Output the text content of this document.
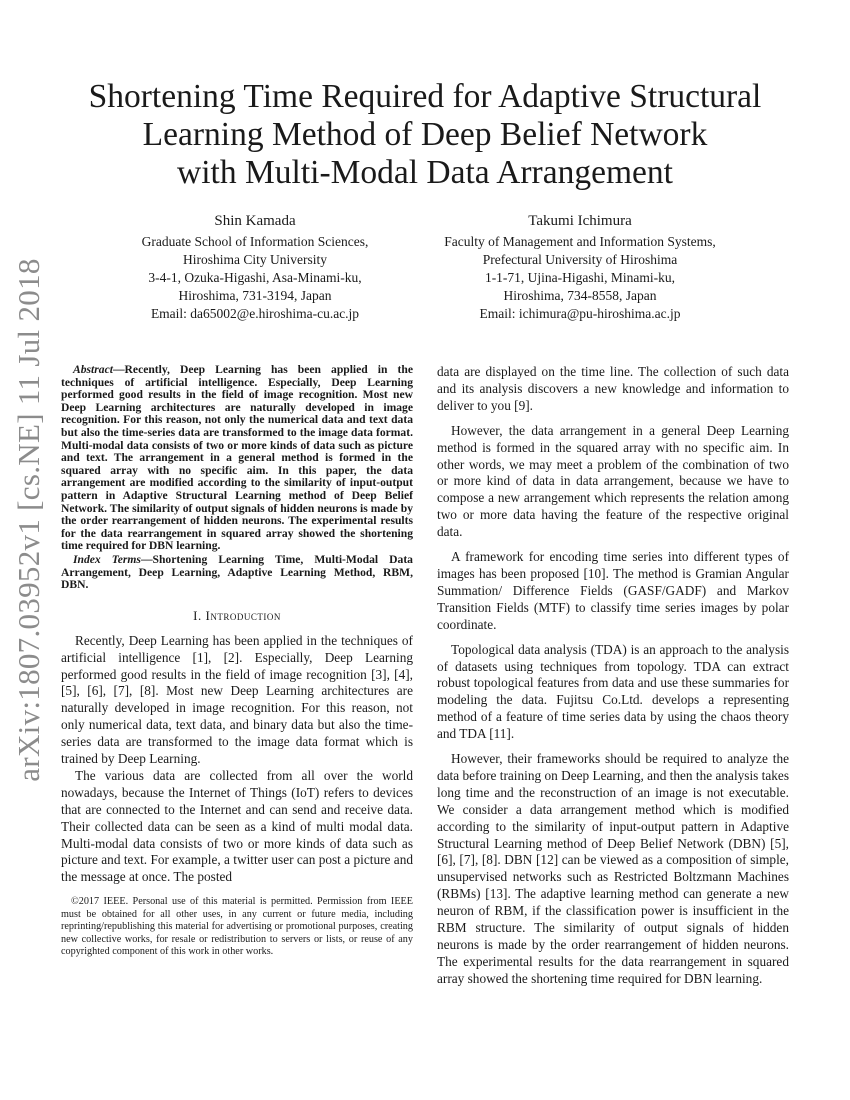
arXiv:1807.03952v1 [cs.NE] 11 Jul 2018
Shortening Time Required for Adaptive Structural
Learning Method of Deep Belief Network
with Multi-Modal Data Arrangement
Shin Kamada
Graduate School of Information Sciences,
Hiroshima City University
3-4-1, Ozuka-Higashi, Asa-Minami-ku,
Hiroshima, 731-3194, Japan
Email: da65002@e.hiroshima-cu.ac.jp
Takumi Ichimura
Faculty of Management and Information Systems,
Prefectural University of Hiroshima
1-1-71, Ujina-Higashi, Minami-ku,
Hiroshima, 734-8558, Japan
Email: ichimura@pu-hiroshima.ac.jp

Abstract—Recently, Deep Learning has been applied in the techniques of artificial intelligence. Especially, Deep Learning performed good results in the field of image recognition. Most new Deep Learning architectures are naturally developed in image recognition. For this reason, not only the numerical data and text data but also the time-series data are transformed to the image data format. Multi-modal data consists of two or more kinds of data such as picture and text. The arrangement in a general method is formed in the squared array with no specific aim. In this paper, the data arrangement are modified according to the similarity of input-output pattern in Adaptive Structural Learning method of Deep Belief Network. The similarity of output signals of hidden neurons is made by the order rearrangement of hidden neurons. The experimental results for the data rearrangement in squared array showed the shortening time required for DBN learning.

Index Terms—Shortening Learning Time, Multi-Modal Data Arrangement, Deep Learning, Adaptive Learning Method, RBM, DBN.

I. Introduction

Recently, Deep Learning has been applied in the techniques of artificial intelligence [1], [2]. Especially, Deep Learning performed good results in the field of image recognition [3], [4], [5], [6], [7], [8]. Most new Deep Learning architectures are naturally developed in image recognition. For this reason, not only numerical data, text data, and binary data but also the time-series data are transformed to the image data format which is trained by Deep Learning.

The various data are collected from all over the world nowadays, because the Internet of Things (IoT) refers to devices that are connected to the Internet and can send and receive data. Their collected data can be seen as a kind of multi modal data. Multi-modal data consists of two or more kinds of data such as picture and text. For example, a twitter user can post a picture and the message at once. The posted

©2017 IEEE. Personal use of this material is permitted. Permission from IEEE must be obtained for all other uses, in any current or future media, including reprinting/republishing this material for advertising or promotional purposes, creating new collective works, for resale or redistribution to servers or lists, or reuse of any copyrighted component of this work in other works.

data are displayed on the time line. The collection of such data and its analysis discovers a new knowledge and information to deliver to you [9].

However, the data arrangement in a general Deep Learning method is formed in the squared array with no specific aim. In other words, we may meet a problem of the combination of two or more kind of data in data arrangement, because we have to compose a new arrangement which represents the relation among two or more data having the feature of the respective original data.

A framework for encoding time series into different types of images has been proposed [10]. The method is Gramian Angular Summation/ Difference Fields (GASF/GADF) and Markov Transition Fields (MTF) to classify time series images by polar coordinate.

Topological data analysis (TDA) is an approach to the analysis of datasets using techniques from topology. TDA can extract robust topological features from data and use these summaries for modeling the data. Fujitsu Co.Ltd. develops a representing method of a feature of time series data by using the chaos theory and TDA [11].

However, their frameworks should be required to analyze the data before training on Deep Learning, and then the analysis takes long time and the reconstruction of an image is not executable. We consider a data arrangement method which is modified according to the similarity of input-output pattern in Adaptive Structural Learning method of Deep Belief Network (DBN) [5], [6], [7], [8]. DBN [12] can be viewed as a composition of simple, unsupervised networks such as Restricted Boltzmann Machines (RBMs) [13]. The adaptive learning method can generate a new neuron of RBM, if the classification power is insufficient in the RBM structure. The similarity of output signals of hidden neurons is made by the order rearrangement of hidden neurons. The experimental results for the data rearrangement in squared array showed the shortening time required for DBN learning.
